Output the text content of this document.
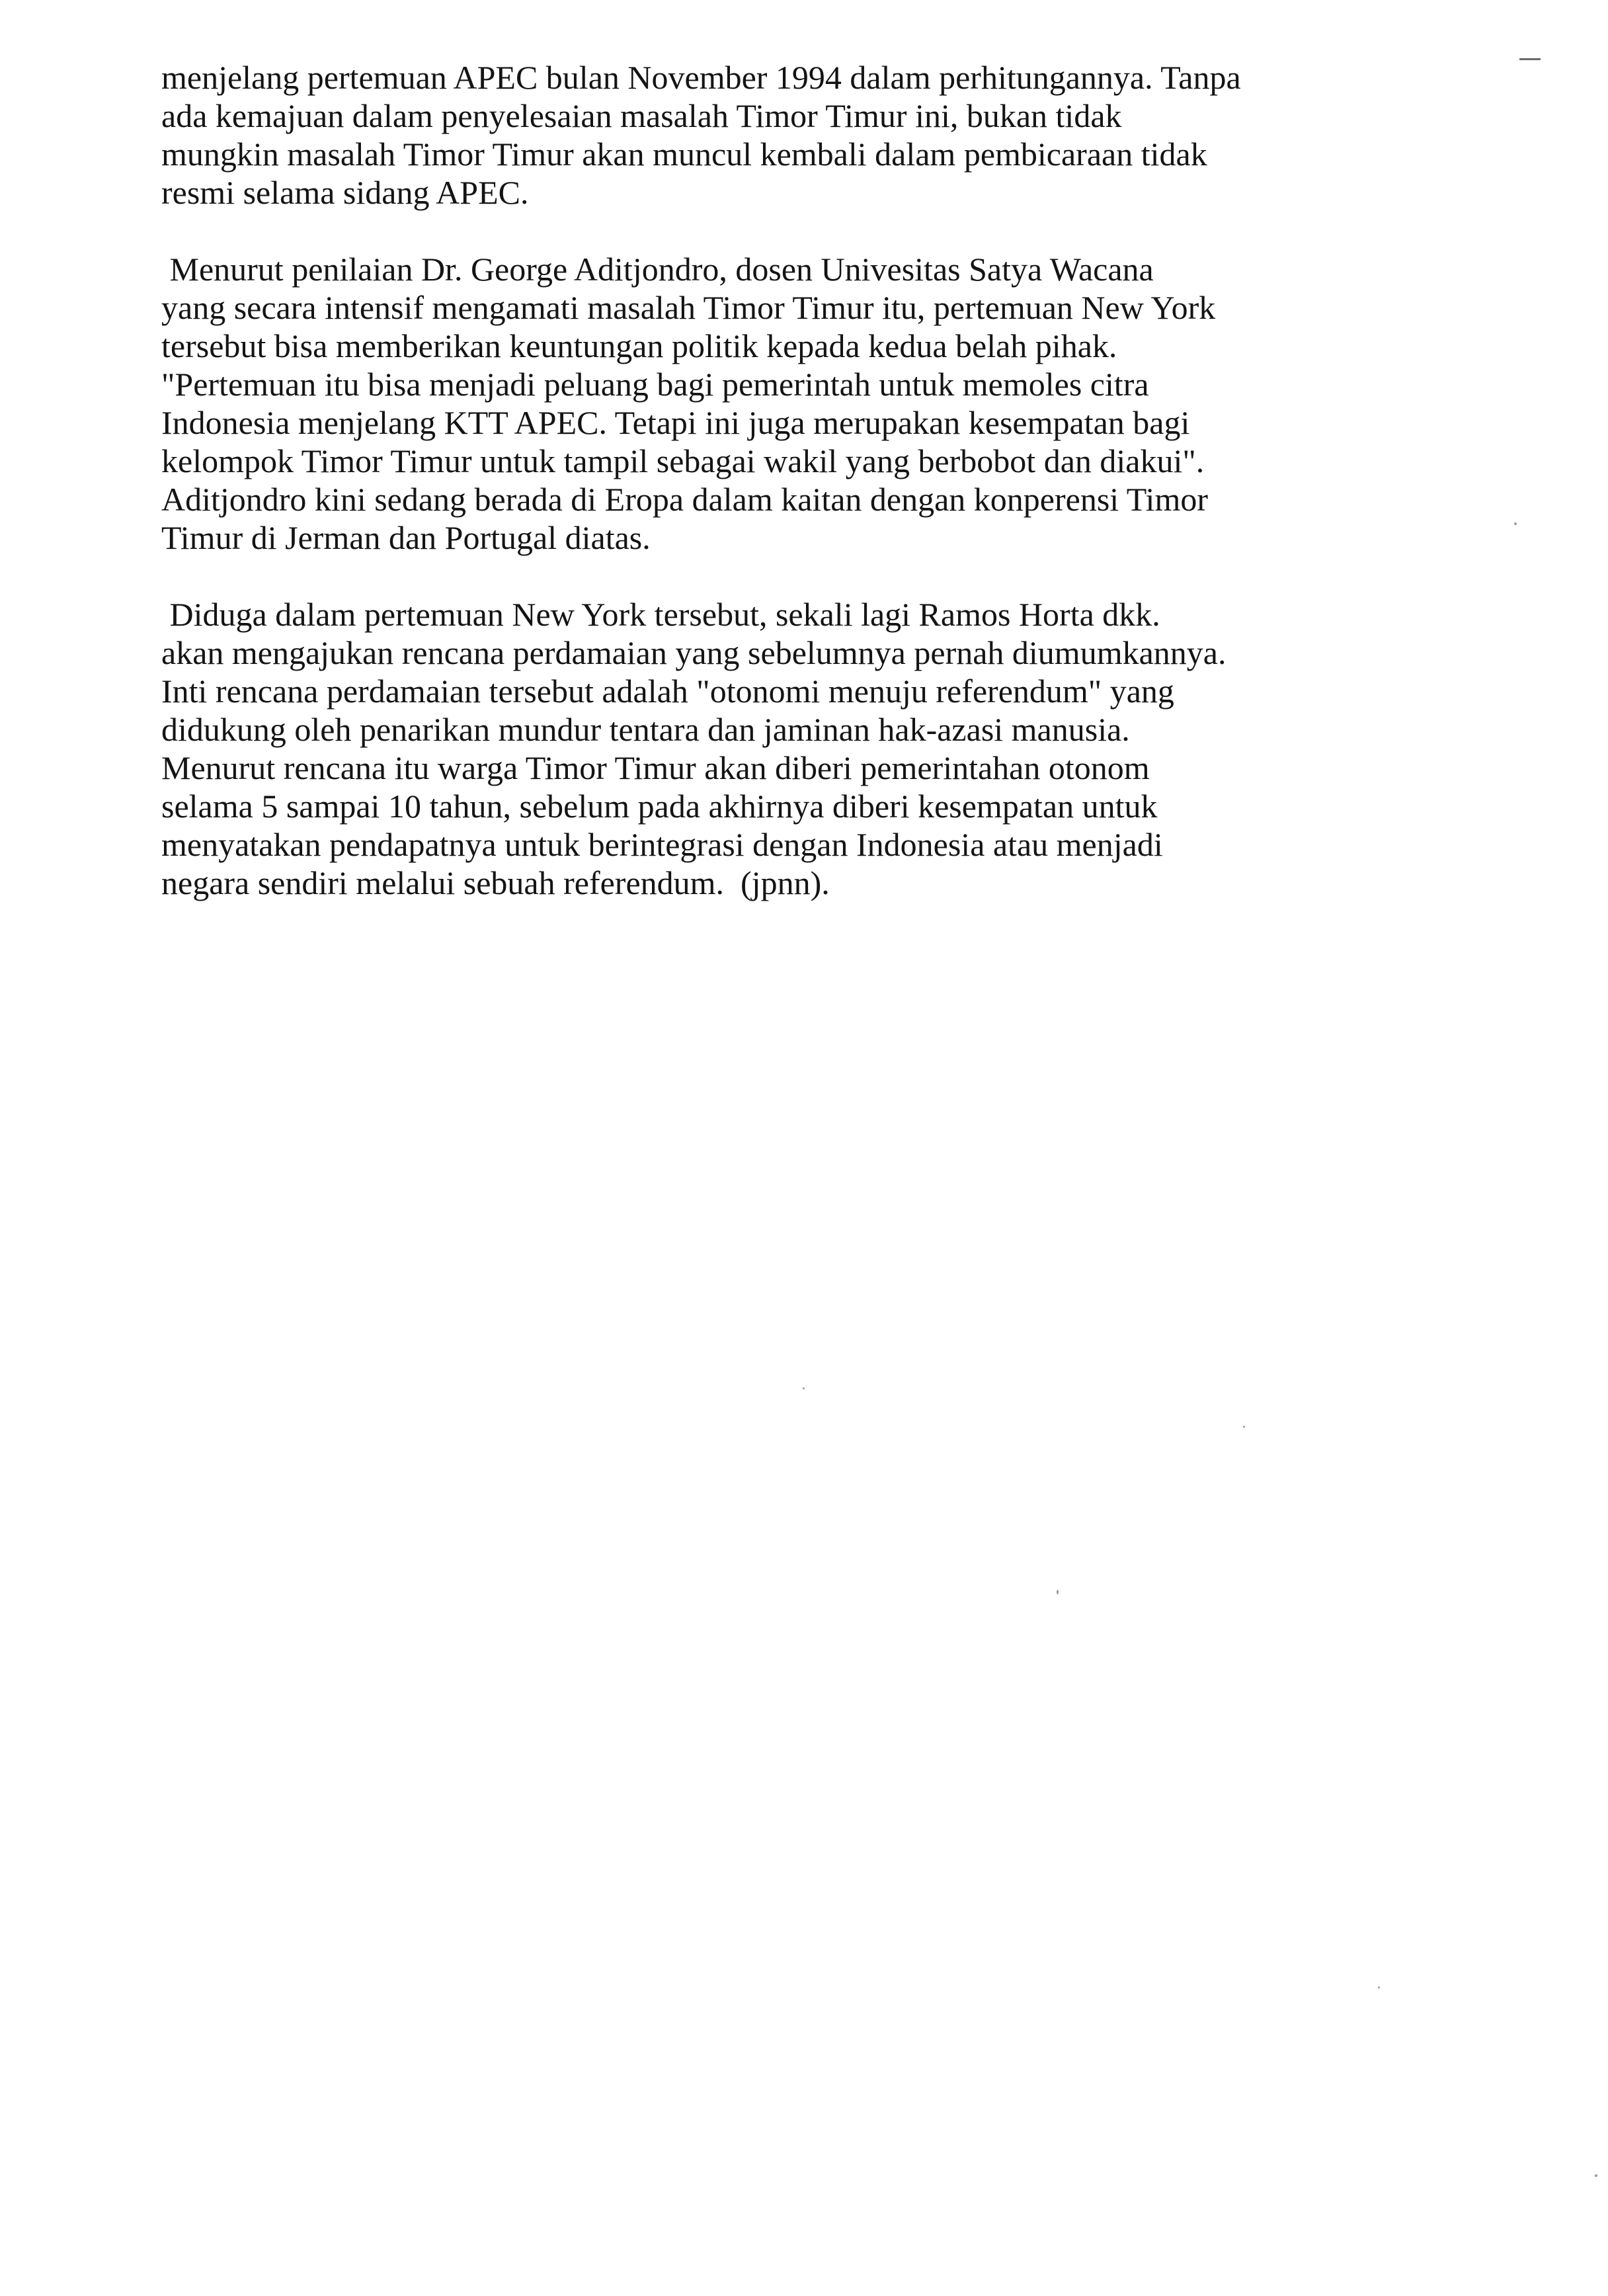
menjelang pertemuan APEC bulan November 1994 dalam perhitungannya. Tanpa
ada kemajuan dalam penyelesaian masalah Timor Timur ini, bukan tidak
mungkin masalah Timor Timur akan muncul kembali dalam pembicaraan tidak
resmi selama sidang APEC.

Menurut penilaian Dr. George Aditjondro, dosen Univesitas Satya Wacana
yang secara intensif mengamati masalah Timor Timur itu, pertemuan New York
tersebut bisa memberikan keuntungan politik kepada kedua belah pihak.
"Pertemuan itu bisa menjadi peluang bagi pemerintah untuk memoles citra
Indonesia menjelang KTT APEC. Tetapi ini juga merupakan kesempatan bagi
kelompok Timor Timur untuk tampil sebagai wakil yang berbobot dan diakui".
Aditjondro kini sedang berada di Eropa dalam kaitan dengan konperensi Timor
Timur di Jerman dan Portugal diatas.

Diduga dalam pertemuan New York tersebut, sekali lagi Ramos Horta dkk.
akan mengajukan rencana perdamaian yang sebelumnya pernah diumumkannya.
Inti rencana perdamaian tersebut adalah "otonomi menuju referendum" yang
didukung oleh penarikan mundur tentara dan jaminan hak-azasi manusia.
Menurut rencana itu warga Timor Timur akan diberi pemerintahan otonom
selama 5 sampai 10 tahun, sebelum pada akhirnya diberi kesempatan untuk
menyatakan pendapatnya untuk berintegrasi dengan Indonesia atau menjadi
negara sendiri melalui sebuah referendum.  (jpnn).
